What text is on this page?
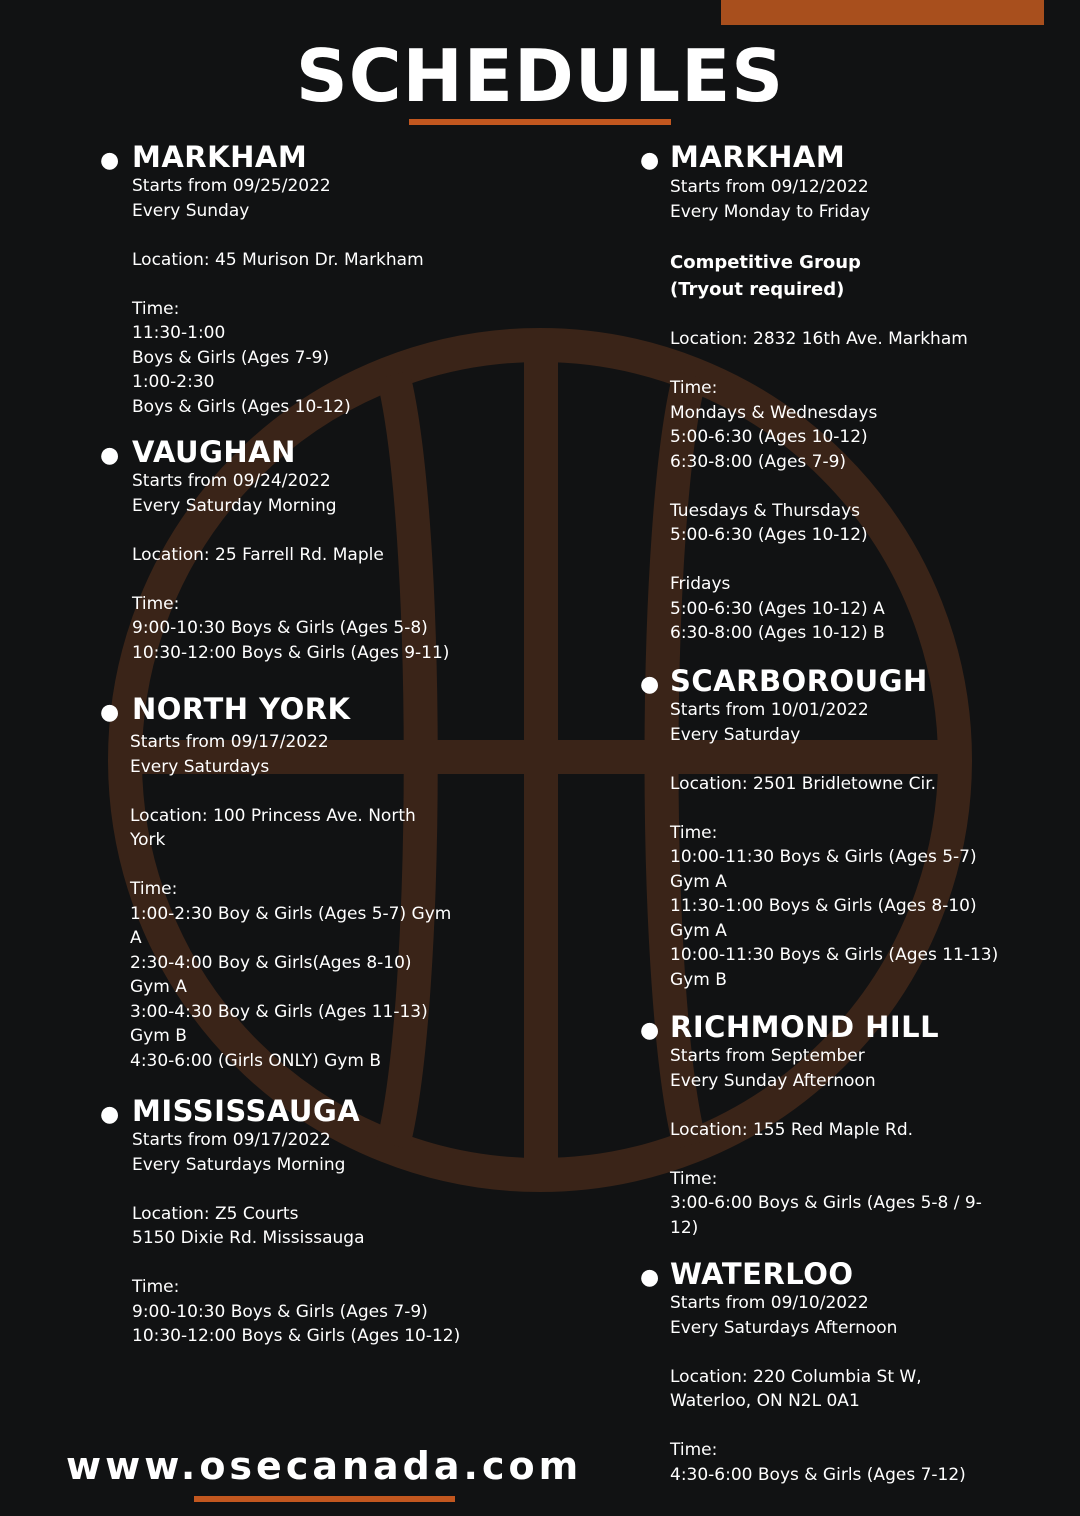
SCHEDULES
● MARKHAM
Starts from 09/25/2022
Every Sunday
Location: 45 Murison Dr. Markham
Time:
11:30-1:00
Boys & Girls (Ages 7-9)
1:00-2:30
Boys & Girls (Ages 10-12)
● VAUGHAN
Starts from 09/24/2022
Every Saturday Morning
Location: 25 Farrell Rd. Maple
Time:
9:00-10:30 Boys & Girls (Ages 5-8)
10:30-12:00 Boys & Girls (Ages 9-11)
● NORTH YORK
Starts from 09/17/2022
Every Saturdays
Location: 100 Princess Ave. North
York
Time:
1:00-2:30 Boy & Girls (Ages 5-7) Gym
A
2:30-4:00 Boy & Girls(Ages 8-10)
Gym A
3:00-4:30 Boy & Girls (Ages 11-13)
Gym B
4:30-6:00 (Girls ONLY) Gym B
● MISSISSAUGA
Starts from 09/17/2022
Every Saturdays Morning
Location: Z5 Courts
5150 Dixie Rd. Mississauga
Time:
9:00-10:30 Boys & Girls (Ages 7-9)
10:30-12:00 Boys & Girls (Ages 10-12)
● MARKHAM
Starts from 09/12/2022
Every Monday to Friday
Competitive Group
(Tryout required)
Location: 2832 16th Ave. Markham
Time:
Mondays & Wednesdays
5:00-6:30 (Ages 10-12)
6:30-8:00 (Ages 7-9)
Tuesdays & Thursdays
5:00-6:30 (Ages 10-12)
Fridays
5:00-6:30 (Ages 10-12) A
6:30-8:00 (Ages 10-12) B
● SCARBOROUGH
Starts from 10/01/2022
Every Saturday
Location: 2501 Bridletowne Cir.
Time:
10:00-11:30 Boys & Girls (Ages 5-7)
Gym A
11:30-1:00 Boys & Girls (Ages 8-10)
Gym A
10:00-11:30 Boys & Girls (Ages 11-13)
Gym B
● RICHMOND HILL
Starts from September
Every Sunday Afternoon
Location: 155 Red Maple Rd.
Time:
3:00-6:00 Boys & Girls (Ages 5-8 / 9-
12)
● WATERLOO
Starts from 09/10/2022
Every Saturdays Afternoon
Location: 220 Columbia St W,
Waterloo, ON N2L 0A1
Time:
4:30-6:00 Boys & Girls (Ages 7-12)
www.osecanada.com
